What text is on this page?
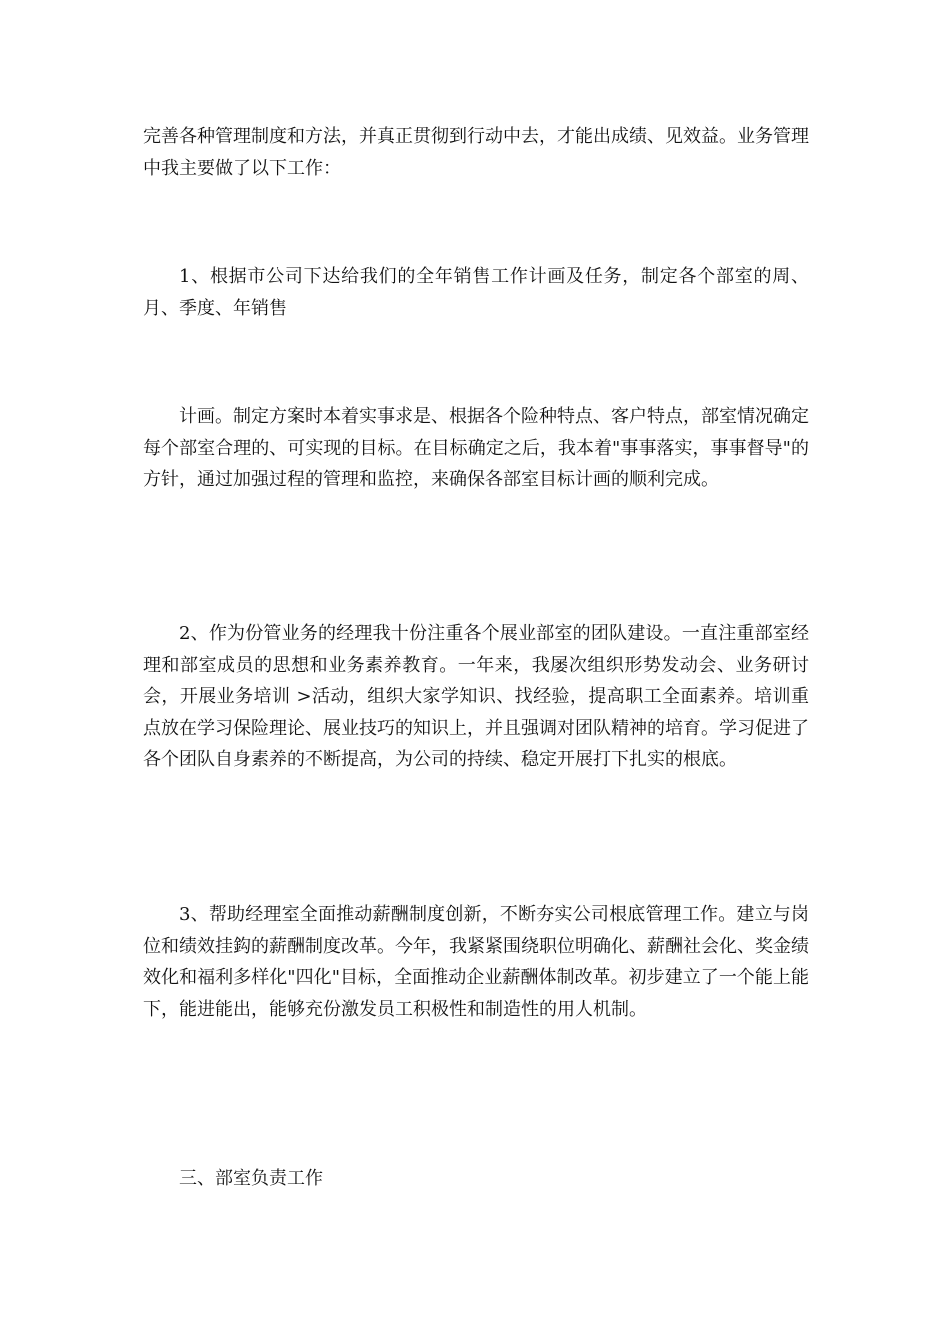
完善各种管理制度和方法，并真正贯彻到行动中去，才能出成绩、见效益。业务管理中我主要做了以下工作：

1、根据市公司下达给我们的全年销售工作计画及任务，制定各个部室的周、月、季度、年销售

计画。制定方案时本着实事求是、根据各个险种特点、客户特点，部室情况确定每个部室合理的、可实现的目标。在目标确定之后，我本着"事事落实，事事督导"的方针，通过加强过程的管理和监控，来确保各部室目标计画的顺利完成。

2、作为份管业务的经理我十份注重各个展业部室的团队建设。一直注重部室经理和部室成员的思想和业务素养教育。一年来，我屡次组织形势发动会、业务研讨会，开展业务培训 >活动，组织大家学知识、找经验，提高职工全面素养。培训重点放在学习保险理论、展业技巧的知识上，并且强调对团队精神的培育。学习促进了各个团队自身素养的不断提高，为公司的持续、稳定开展打下扎实的根底。

3、帮助经理室全面推动薪酬制度创新，不断夯实公司根底管理工作。建立与岗位和绩效挂鈎的薪酬制度改革。今年，我紧紧围绕职位明确化、薪酬社会化、奖金绩效化和福利多样化"四化"目标，全面推动企业薪酬体制改革。初步建立了一个能上能下，能进能出，能够充份激发员工积极性和制造性的用人机制。

三、部室负责工作
